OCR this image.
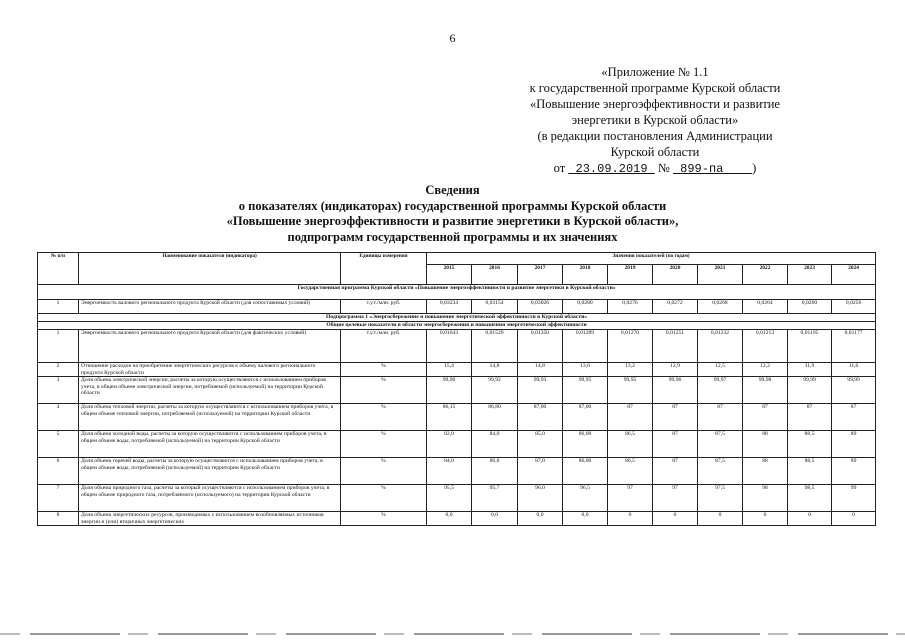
6
«Приложение № 1.1
к государственной программе Курской области
«Повышение энергоэффективности и развитие
энергетики в Курской области»
(в редакции постановления Администрации
Курской области
от 23.09.2019 № 899-па )
Сведения
о показателях (индикаторах) государственной программы Курской области
«Повышение энергоэффективности и развитие энергетики в Курской области»,
подпрограмм государственной программы и их значениях
№ п/п	Наименование показателя (индикатора)	Единицы измерения	Значения показателей (по годам)									
			2015	2016	2017	2018	2019	2020	2021	2022	2023	2024
Государственная программа Курской области «Повышение энергоэффективности и развитие энергетики в Курской области»												
1	Энергоемкость валового регионального продукта Курской области (для сопоставимых условий)	т.у.т./млн. руб.	0,03234	0,03154	0,03026	0,0280	0,0276	0,0272	0,0268	0,0264	0,0260	0,0256
Подпрограмма 1 «Энергосбережение и повышение энергетической эффективности в Курской области»												
Общие целевые показатели в области энергосбережения и повышения энергетической эффективности												
1	Энергоемкость валового регионального продукта Курской области (для фактических условий)	т.у.т./млн. руб.	0,01643	0,01529	0,01350	0,01289	0,01270	0,01251	0,01232	0,01213	0,01195	0,01177
2	Отношение расходов на приобретение энергетических ресурсов к объему валового регионального продукта Курской области	%	15,4	14,8	14,8	13,6	13,2	12,9	12,5	12,2	11,9	11,6
3	Доля объема электрической энергии, расчеты за которую осуществляются с использованием приборов учета, в общем объеме электрической энергии, потребляемой (используемой) на территории Курской области	%	99,90	99,92	99,93	99,95	99,95	99,96	99,97	99,98	99,99	99,99
4	Доля объема тепловой энергии, расчеты за которую осуществляются с использованием приборов учета, в общем объеме тепловой энергии, потребляемой (используемой) на территории Курской области	%	86,15	86,80	87,00	87,00	87	87	87	87	87	87
5	Доля объема холодной воды, расчеты за которую осуществляются с использованием приборов учета, в общем объеме воды, потребляемой (используемой) на территории Курской области	%	82,0	84,0	85,0	86,00	86,5	87	87,5	88	88,5	89
6	Доля объема горячей воды, расчеты за которую осуществляются с использованием приборов учета, в общем объеме воды, потребляемой (используемой) на территории Курской области	%	84,0	86,0	87,0	86,00	86,5	87	87,5	88	88,5	89
7	Доля объема природного газа, расчеты за который осуществляются с использованием приборов учета, в общем объеме природного газа, потребляемого (используемого) на территории Курской области	%	95,5	95,7	96,0	96,5	97	97	97,5	98	98,5	99
8	Доля объема энергетических ресурсов, производимых с использованием возобновляемых источников энергии и (или) вторичных энергетических	%	0,0	0,0	0,0	0,0	0	0	0	0	0	0
